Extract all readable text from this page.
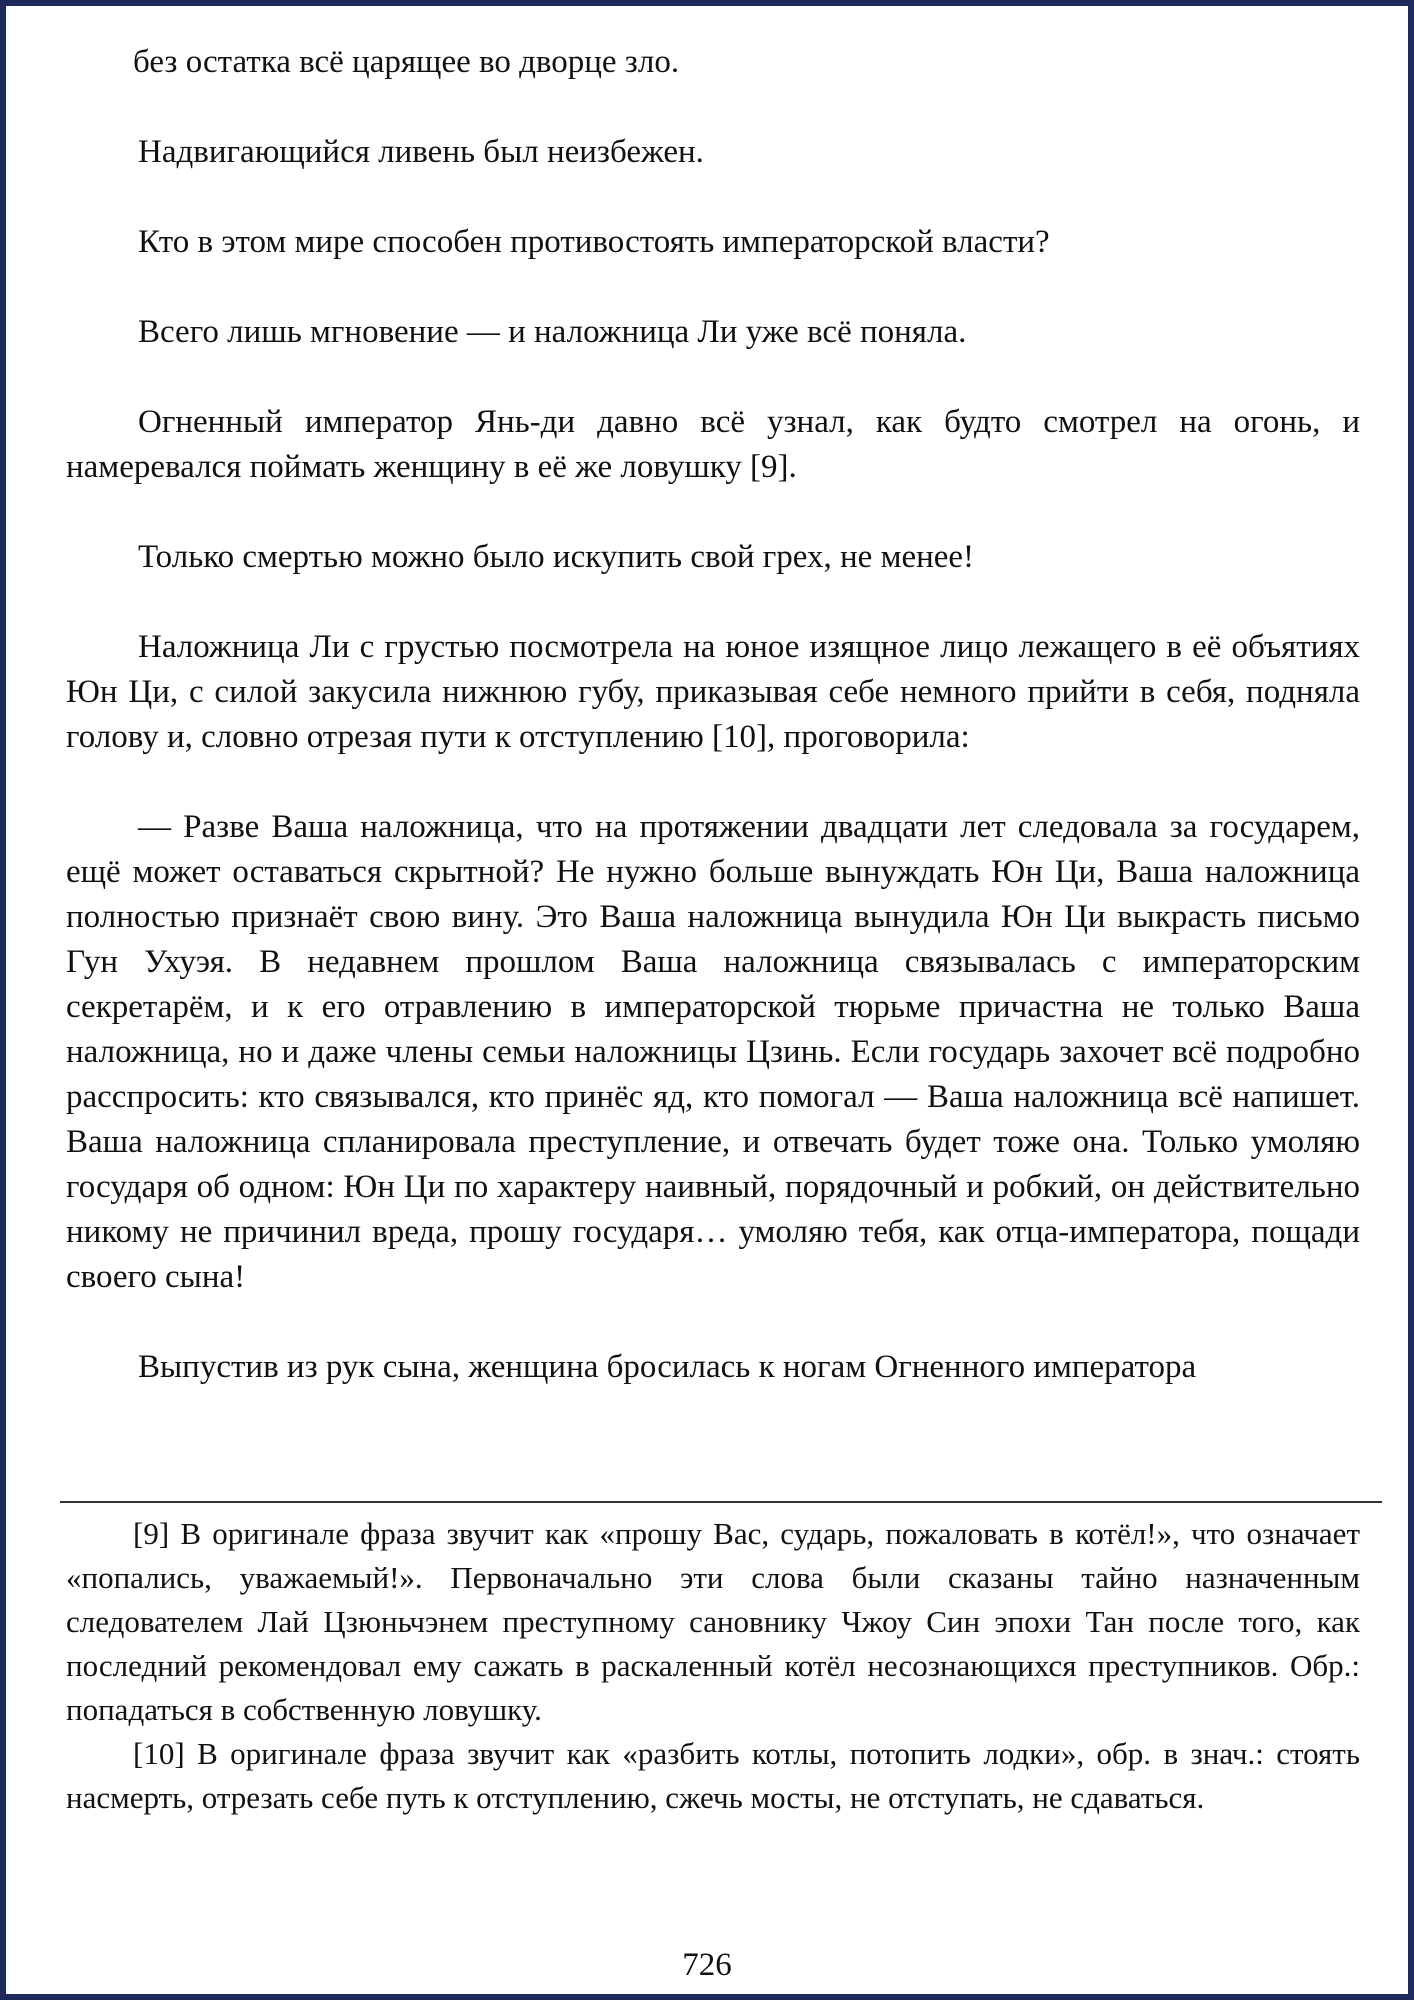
без остатка всё царящее во дворце зло.

Надвигающийся ливень был неизбежен.

Кто в этом мире способен противостоять императорской власти?

Всего лишь мгновение — и наложница Ли уже всё поняла.

Огненный император Янь-ди давно всё узнал, как будто смотрел на огонь, и намеревался поймать женщину в её же ловушку [9].

Только смертью можно было искупить свой грех, не менее!

Наложница Ли с грустью посмотрела на юное изящное лицо лежащего в её объятиях Юн Ци, с силой закусила нижнюю губу, приказывая себе немного прийти в себя, подняла голову и, словно отрезая пути к отступлению [10], проговорила:

— Разве Ваша наложница, что на протяжении двадцати лет следовала за государем, ещё может оставаться скрытной? Не нужно больше вынуждать Юн Ци, Ваша наложница полностью признаёт свою вину. Это Ваша наложница вынудила Юн Ци выкрасть письмо Гун Ухуэя. В недавнем прошлом Ваша наложница связывалась с императорским секретарём, и к его отравлению в императорской тюрьме причастна не только Ваша наложница, но и даже члены семьи наложницы Цзинь. Если государь захочет всё подробно расспросить: кто связывался, кто принёс яд, кто помогал — Ваша наложница всё напишет. Ваша наложница спланировала преступление, и отвечать будет тоже она. Только умоляю государя об одном: Юн Ци по характеру наивный, порядочный и робкий, он действительно никому не причинил вреда, прошу государя… умоляю тебя, как отца-императора, пощади своего сына!

Выпустив из рук сына, женщина бросилась к ногам Огненного императора

[9] В оригинале фраза звучит как «прошу Вас, сударь, пожаловать в котёл!», что означает «попались, уважаемый!». Первоначально эти слова были сказаны тайно назначенным следователем Лай Цзюньчэнем преступному сановнику Чжоу Син эпохи Тан после того, как последний рекомендовал ему сажать в раскаленный котёл несознающихся преступников. Обр.: попадаться в собственную ловушку.

[10] В оригинале фраза звучит как «разбить котлы, потопить лодки», обр. в знач.: стоять насмерть, отрезать себе путь к отступлению, сжечь мосты, не отступать, не сдаваться.

726
